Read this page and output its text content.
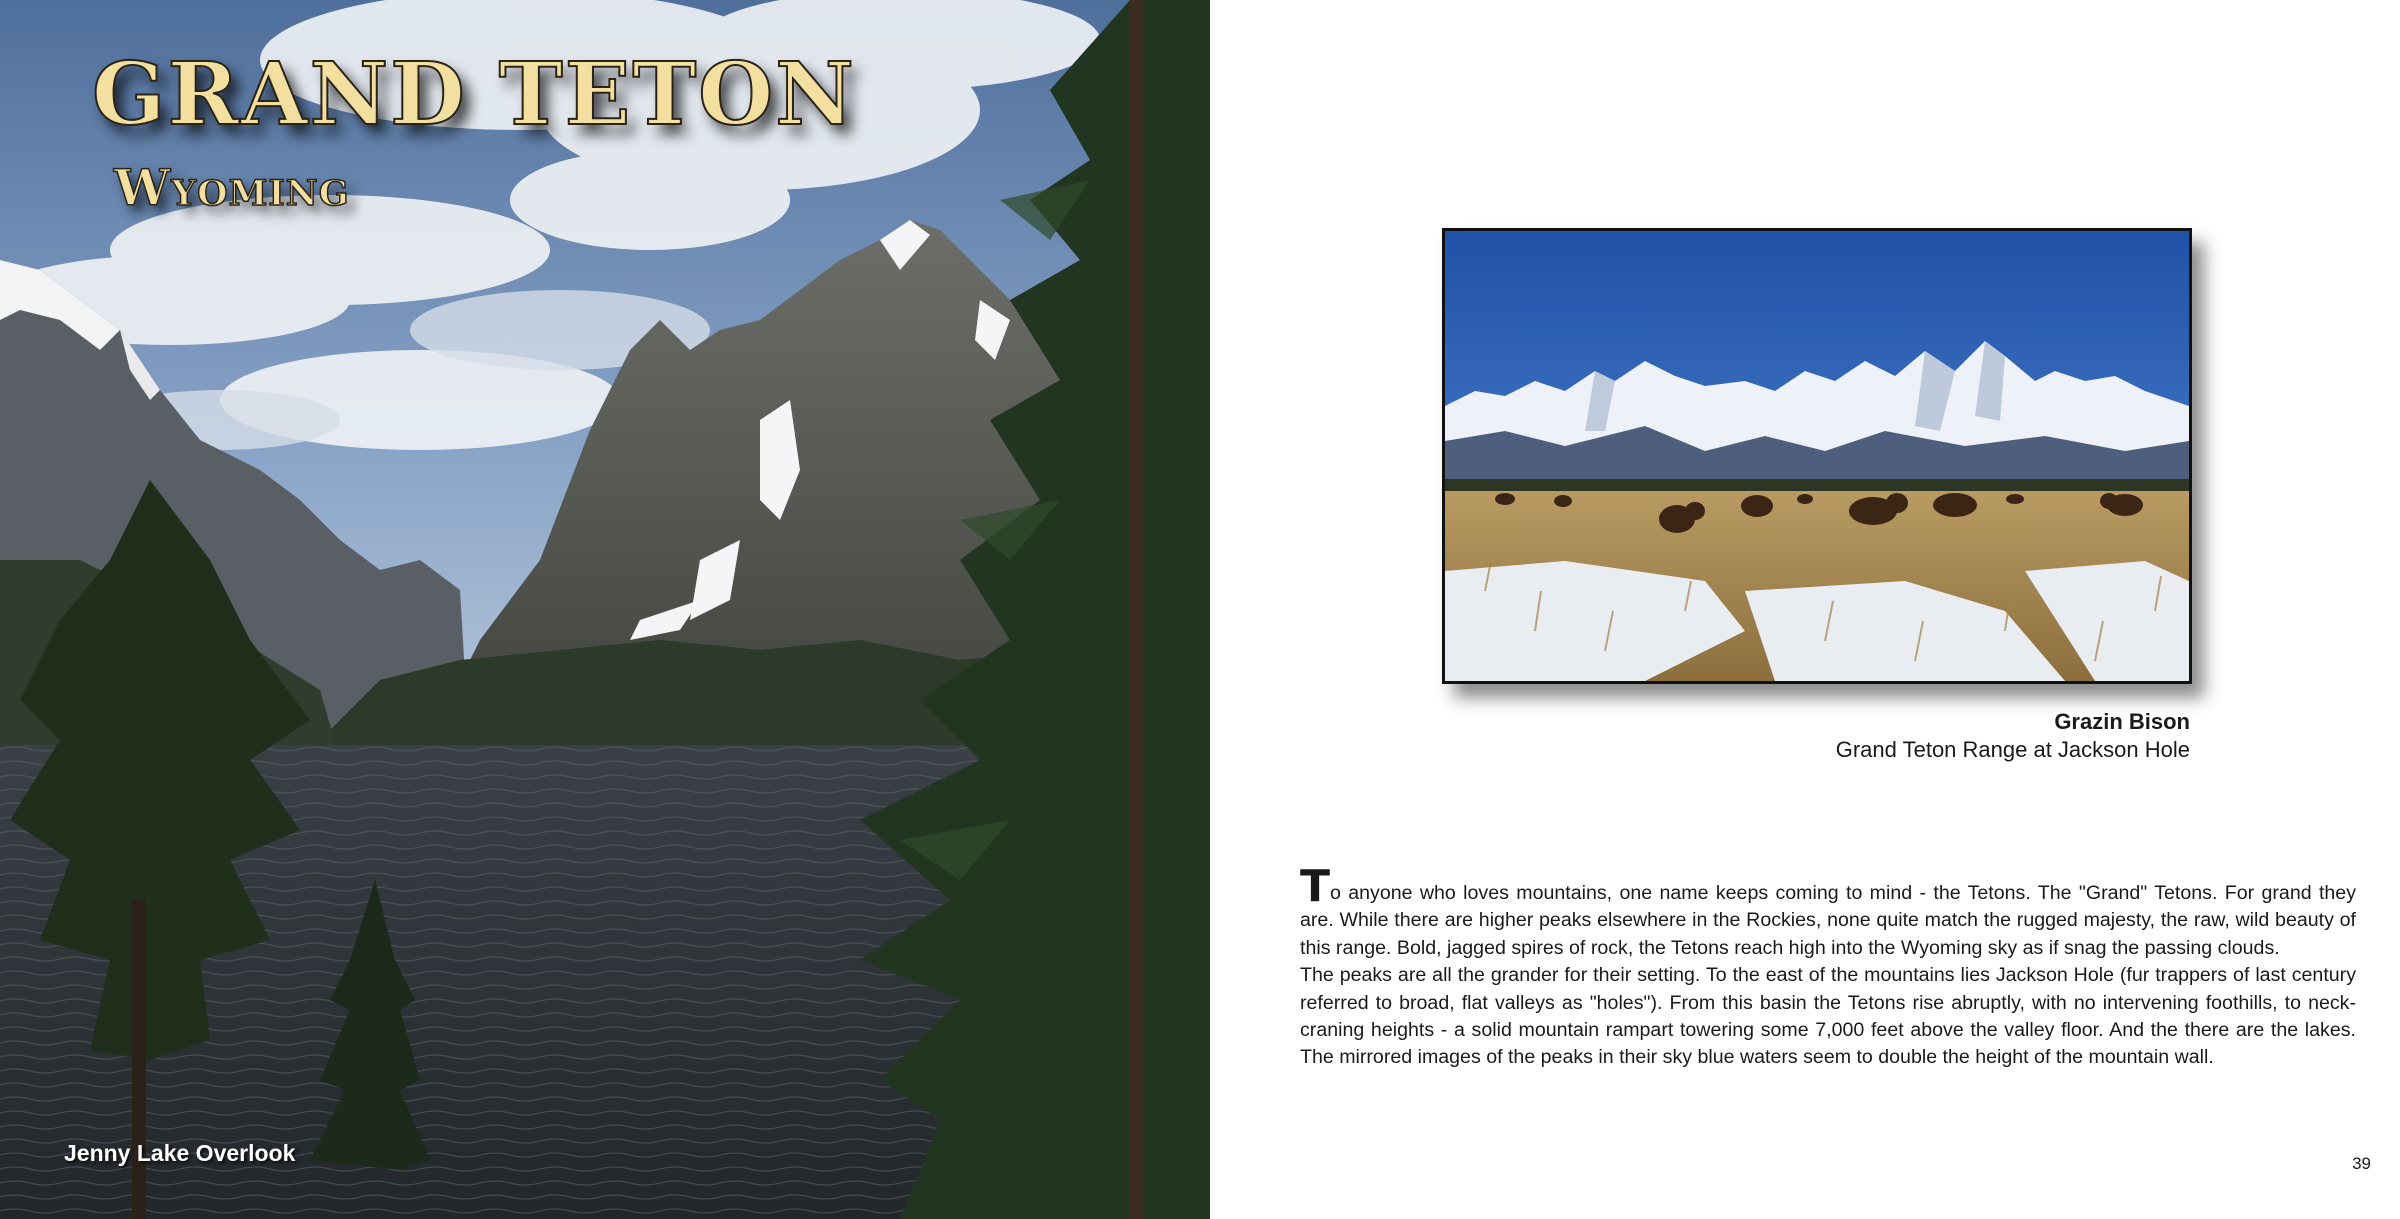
GRAND TETON
Wyoming
Jenny Lake Overlook
Grazin Bison
Grand Teton Range at Jackson Hole

To anyone who loves mountains, one name keeps coming to mind - the Tetons. The "Grand" Tetons. For grand they are. While there are higher peaks elsewhere in the Rockies, none quite match the rugged majesty, the raw, wild beauty of this range. Bold, jagged spires of rock, the Tetons reach high into the Wyoming sky as if snag the passing clouds.

The peaks are all the grander for their setting. To the east of the mountains lies Jackson Hole (fur trappers of last century referred to broad, flat valleys as "holes"). From this basin the Tetons rise abruptly, with no intervening foothills, to neck-craning heights - a solid mountain rampart towering some 7,000 feet above the valley floor. And the there are the lakes. The mirrored images of the peaks in their sky blue waters seem to double the height of the mountain wall.

39
